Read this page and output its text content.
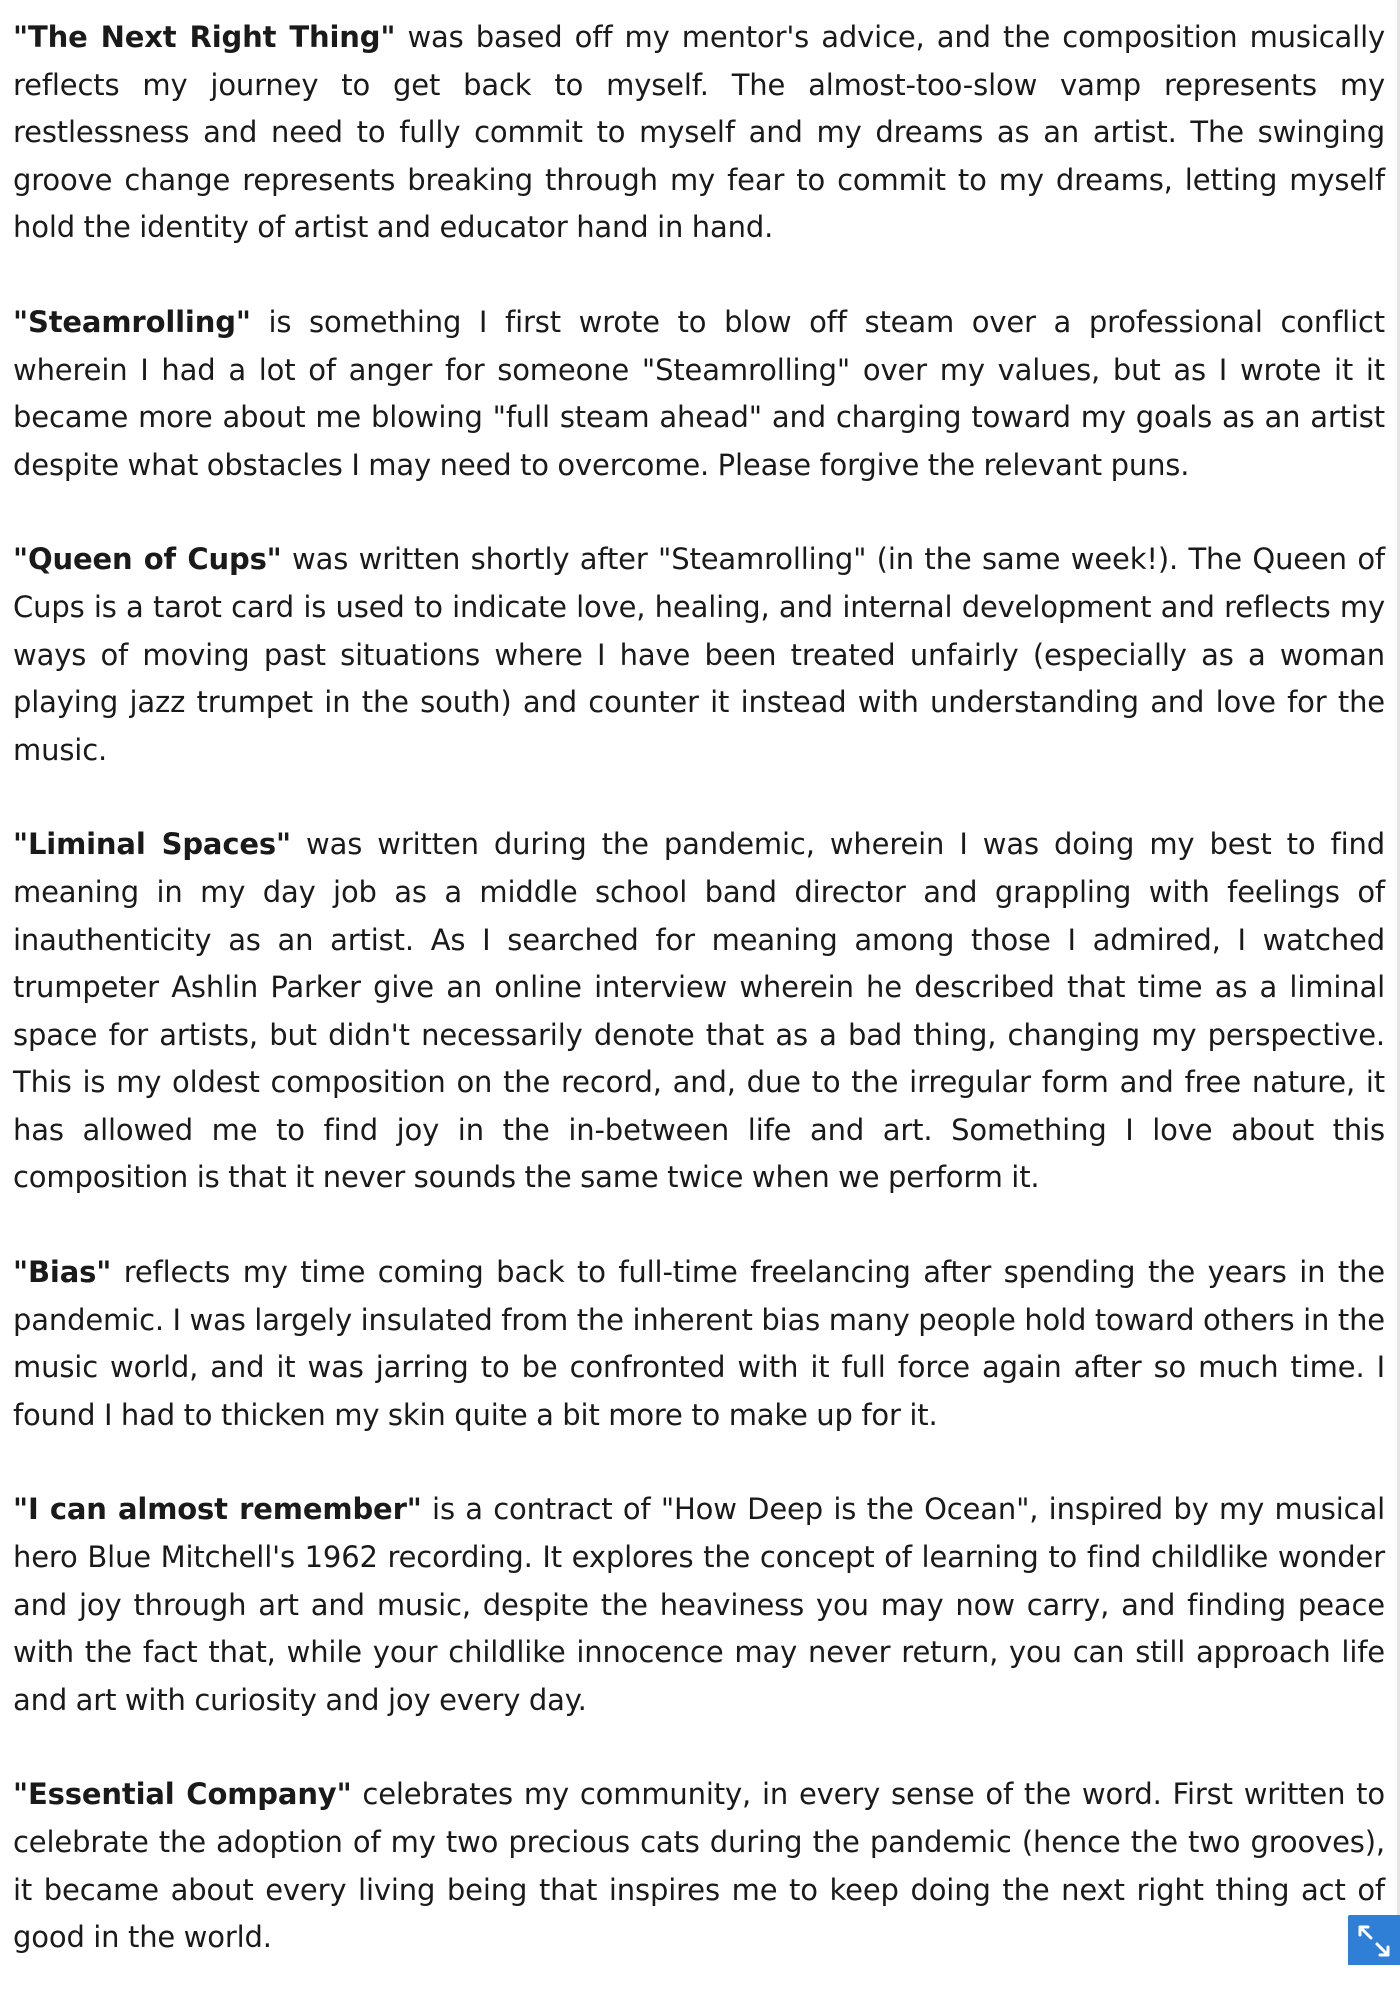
"The Next Right Thing" was based off my mentor's advice, and the composition musically reflects my journey to get back to myself. The almost-too-slow vamp represents my restlessness and need to fully commit to myself and my dreams as an artist. The swinging groove change represents breaking through my fear to commit to my dreams, letting myself hold the identity of artist and educator hand in hand.

"Steamrolling" is something I first wrote to blow off steam over a professional conflict wherein I had a lot of anger for someone "Steamrolling" over my values, but as I wrote it it became more about me blowing "full steam ahead" and charging toward my goals as an artist despite what obstacles I may need to overcome. Please forgive the relevant puns.

"Queen of Cups" was written shortly after "Steamrolling" (in the same week!). The Queen of Cups is a tarot card is used to indicate love, healing, and internal development and reflects my ways of moving past situations where I have been treated unfairly (especially as a woman playing jazz trumpet in the south) and counter it instead with understanding and love for the music.

"Liminal Spaces" was written during the pandemic, wherein I was doing my best to find meaning in my day job as a middle school band director and grappling with feelings of inauthenticity as an artist. As I searched for meaning among those I admired, I watched trumpeter Ashlin Parker give an online interview wherein he described that time as a liminal space for artists, but didn't necessarily denote that as a bad thing, changing my perspective. This is my oldest composition on the record, and, due to the irregular form and free nature, it has allowed me to find joy in the in-between life and art. Something I love about this composition is that it never sounds the same twice when we perform it.

"Bias" reflects my time coming back to full-time freelancing after spending the years in the pandemic. I was largely insulated from the inherent bias many people hold toward others in the music world, and it was jarring to be confronted with it full force again after so much time. I found I had to thicken my skin quite a bit more to make up for it.

"I can almost remember" is a contract of "How Deep is the Ocean", inspired by my musical hero Blue Mitchell's 1962 recording. It explores the concept of learning to find childlike wonder and joy through art and music, despite the heaviness you may now carry, and finding peace with the fact that, while your childlike innocence may never return, you can still approach life and art with curiosity and joy every day.

"Essential Company" celebrates my community, in every sense of the word. First written to celebrate the adoption of my two precious cats during the pandemic (hence the two grooves), it became about every living being that inspires me to keep doing the next right thing act of good in the world.
